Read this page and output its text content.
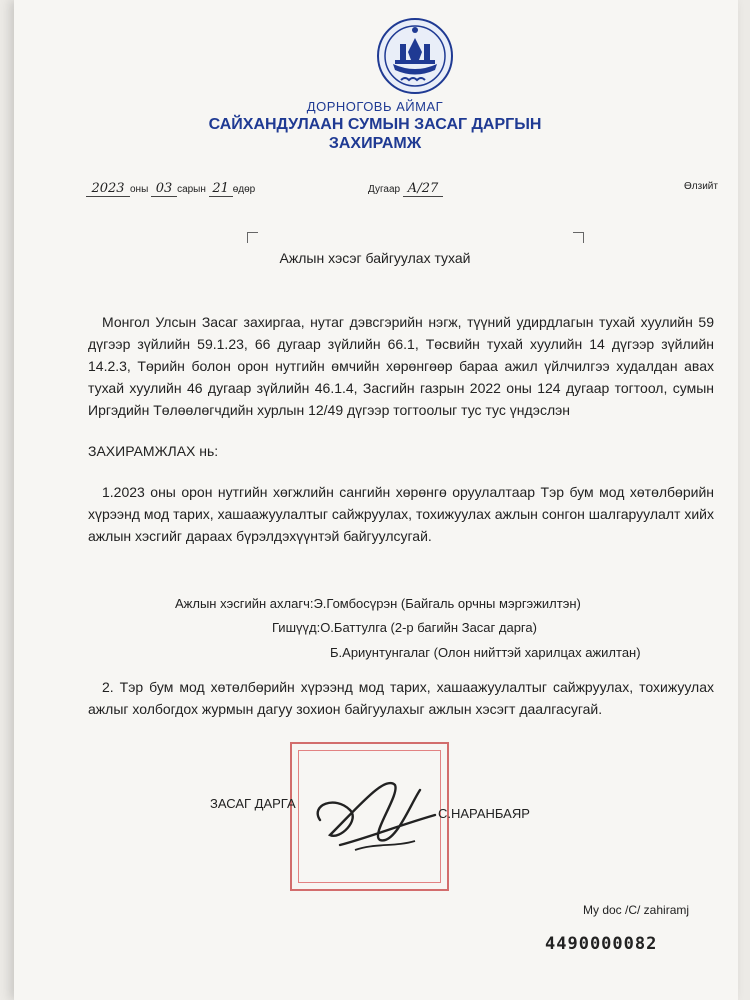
ДОРНОГОВЬ АЙМАГ
САЙХАНДУЛААН СУМЫН ЗАСАГ ДАРГЫН
ЗАХИРАМЖ
2023 оны 03 сарын 21 өдөр	Дугаар А/27	Өлзийт
Ажлын хэсэг байгуулах тухай
Монгол Улсын Засаг захиргаа, нутаг дэвсгэрийн нэгж, түүний удирдлагын тухай хуулийн 59 дүгээр зүйлийн 59.1.23, 66 дугаар зүйлийн 66.1, Төсвийн тухай хуулийн 14 дүгээр зүйлийн 14.2.3, Төрийн болон орон нутгийн өмчийн хөрөнгөөр бараа ажил үйлчилгээ худалдан авах тухай хуулийн 46 дугаар зүйлийн 46.1.4, Засгийн газрын 2022 оны 124 дугаар тогтоол, сумын Иргэдийн Төлөөлөгчдийн хурлын 12/49 дүгээр тогтоолыг тус тус үндэслэн
ЗАХИРАМЖЛАХ нь:
1.2023 оны орон нутгийн хөгжлийн сангийн хөрөнгө оруулалтаар Тэр бум мод хөтөлбөрийн хүрээнд мод тарих, хашаажуулалтыг сайжруулах, тохижуулах ажлын сонгон шалгаруулалт хийх ажлын хэсгийг дараах бүрэлдэхүүнтэй байгуулсугай.
Ажлын хэсгийн ахлагч:Э.Гомбосүрэн (Байгаль орчны мэргэжилтэн)
Гишүүд:О.Баттулга (2-р багийн Засаг дарга)
Б.Ариунтунгалаг (Олон нийттэй харилцах ажилтан)
2. Тэр бум мод хөтөлбөрийн хүрээнд мод тарих, хашаажуулалтыг сайжруулах, тохижуулах ажлыг холбогдох журмын дагуу зохион байгуулахыг ажлын хэсэгт даалгасугай.
ЗАСАГ ДАРГА
С.НАРАНБАЯР
My doc /C/ zahiramj
4490000082
